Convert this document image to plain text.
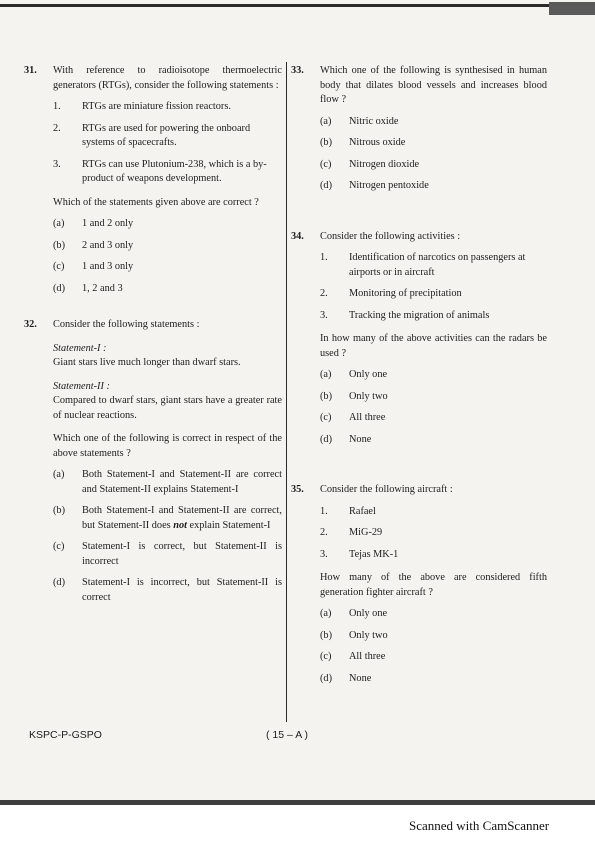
31. With reference to radioisotope thermoelectric generators (RTGs), consider the following statements :
1. RTGs are miniature fission reactors.
2. RTGs are used for powering the onboard systems of spacecrafts.
3. RTGs can use Plutonium-238, which is a by-product of weapons development.
Which of the statements given above are correct ?
(a) 1 and 2 only
(b) 2 and 3 only
(c) 1 and 3 only
(d) 1, 2 and 3
32. Consider the following statements :
Statement-I :
Giant stars live much longer than dwarf stars.
Statement-II :
Compared to dwarf stars, giant stars have a greater rate of nuclear reactions.
Which one of the following is correct in respect of the above statements ?
(a) Both Statement-I and Statement-II are correct and Statement-II explains Statement-I
(b) Both Statement-I and Statement-II are correct, but Statement-II does not explain Statement-I
(c) Statement-I is correct, but Statement-II is incorrect
(d) Statement-I is incorrect, but Statement-II is correct
33. Which one of the following is synthesised in human body that dilates blood vessels and increases blood flow ?
(a) Nitric oxide
(b) Nitrous oxide
(c) Nitrogen dioxide
(d) Nitrogen pentoxide
34. Consider the following activities :
1. Identification of narcotics on passengers at airports or in aircraft
2. Monitoring of precipitation
3. Tracking the migration of animals
In how many of the above activities can the radars be used ?
(a) Only one
(b) Only two
(c) All three
(d) None
35. Consider the following aircraft :
1. Rafael
2. MiG-29
3. Tejas MK-1
How many of the above are considered fifth generation fighter aircraft ?
(a) Only one
(b) Only two
(c) All three
(d) None
KSPC-P-GSPO	( 15 – A )
Scanned with CamScanner
